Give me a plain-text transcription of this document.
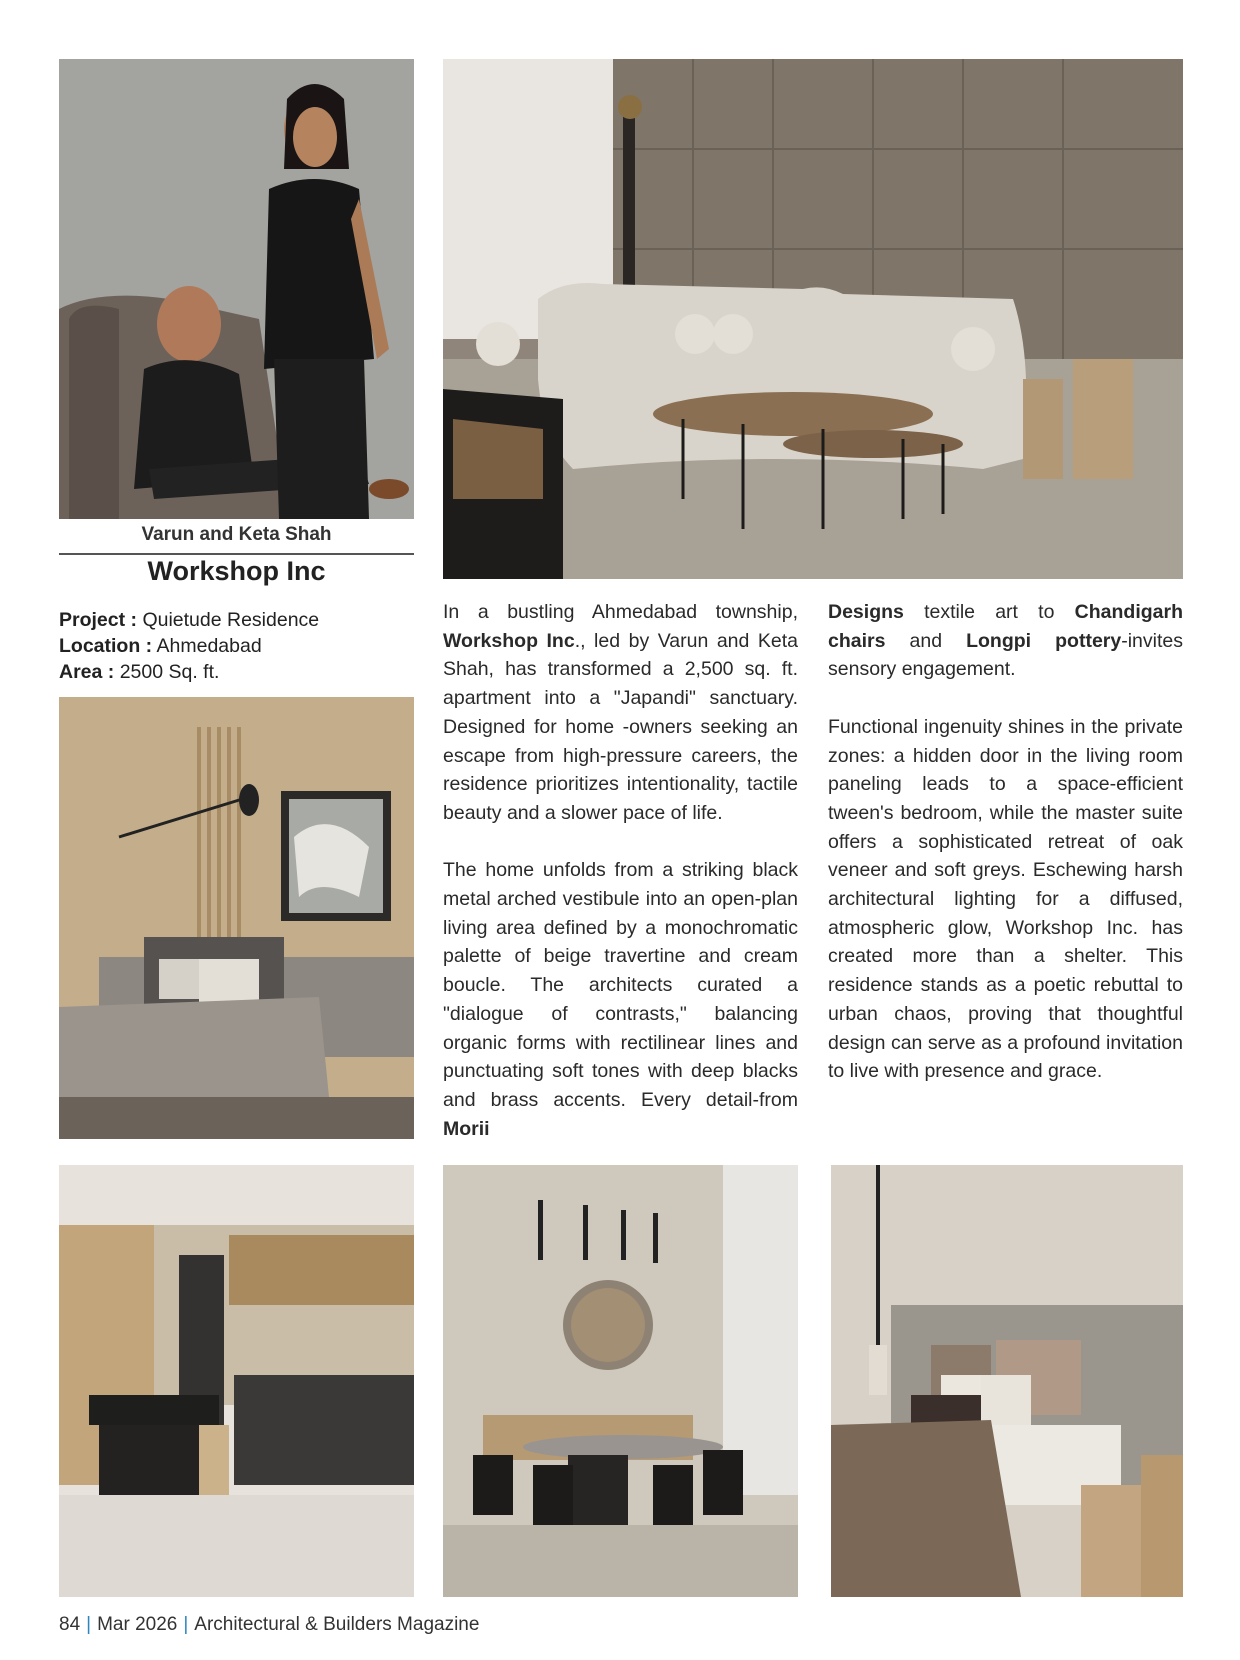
Varun and Keta Shah
Workshop Inc
Project : Quietude Residence
Location : Ahmedabad
Area : 2500 Sq. ft.

In a bustling Ahmedabad township, Workshop Inc., led by Varun and Keta Shah, has transformed a 2,500 sq. ft. apartment into a "Japandi" sanctuary. Designed for home -owners seeking an escape from high-pressure careers, the residence prioritizes intentionality, tactile beauty and a slower pace of life.

The home unfolds from a striking black metal arched vestibule into an open-plan living area defined by a monochromatic palette of beige travertine and cream boucle. The architects curated a "dialogue of contrasts," balancing organic forms with rectilinear lines and punctuating soft tones with deep blacks and brass accents. Every detail-from Morii

Designs textile art to Chandigarh chairs and Longpi pottery-invites sensory engagement.

Functional ingenuity shines in the private zones: a hidden door in the living room paneling leads to a space-efficient tween's bedroom, while the master suite offers a sophisticated retreat of oak veneer and soft greys. Eschewing harsh architectural lighting for a diffused, atmospheric glow, Workshop Inc. has created more than a shelter. This residence stands as a poetic rebuttal to urban chaos, proving that thoughtful design can serve as a profound invitation to live with presence and grace.

84 | Mar 2026 | Architectural & Builders Magazine
